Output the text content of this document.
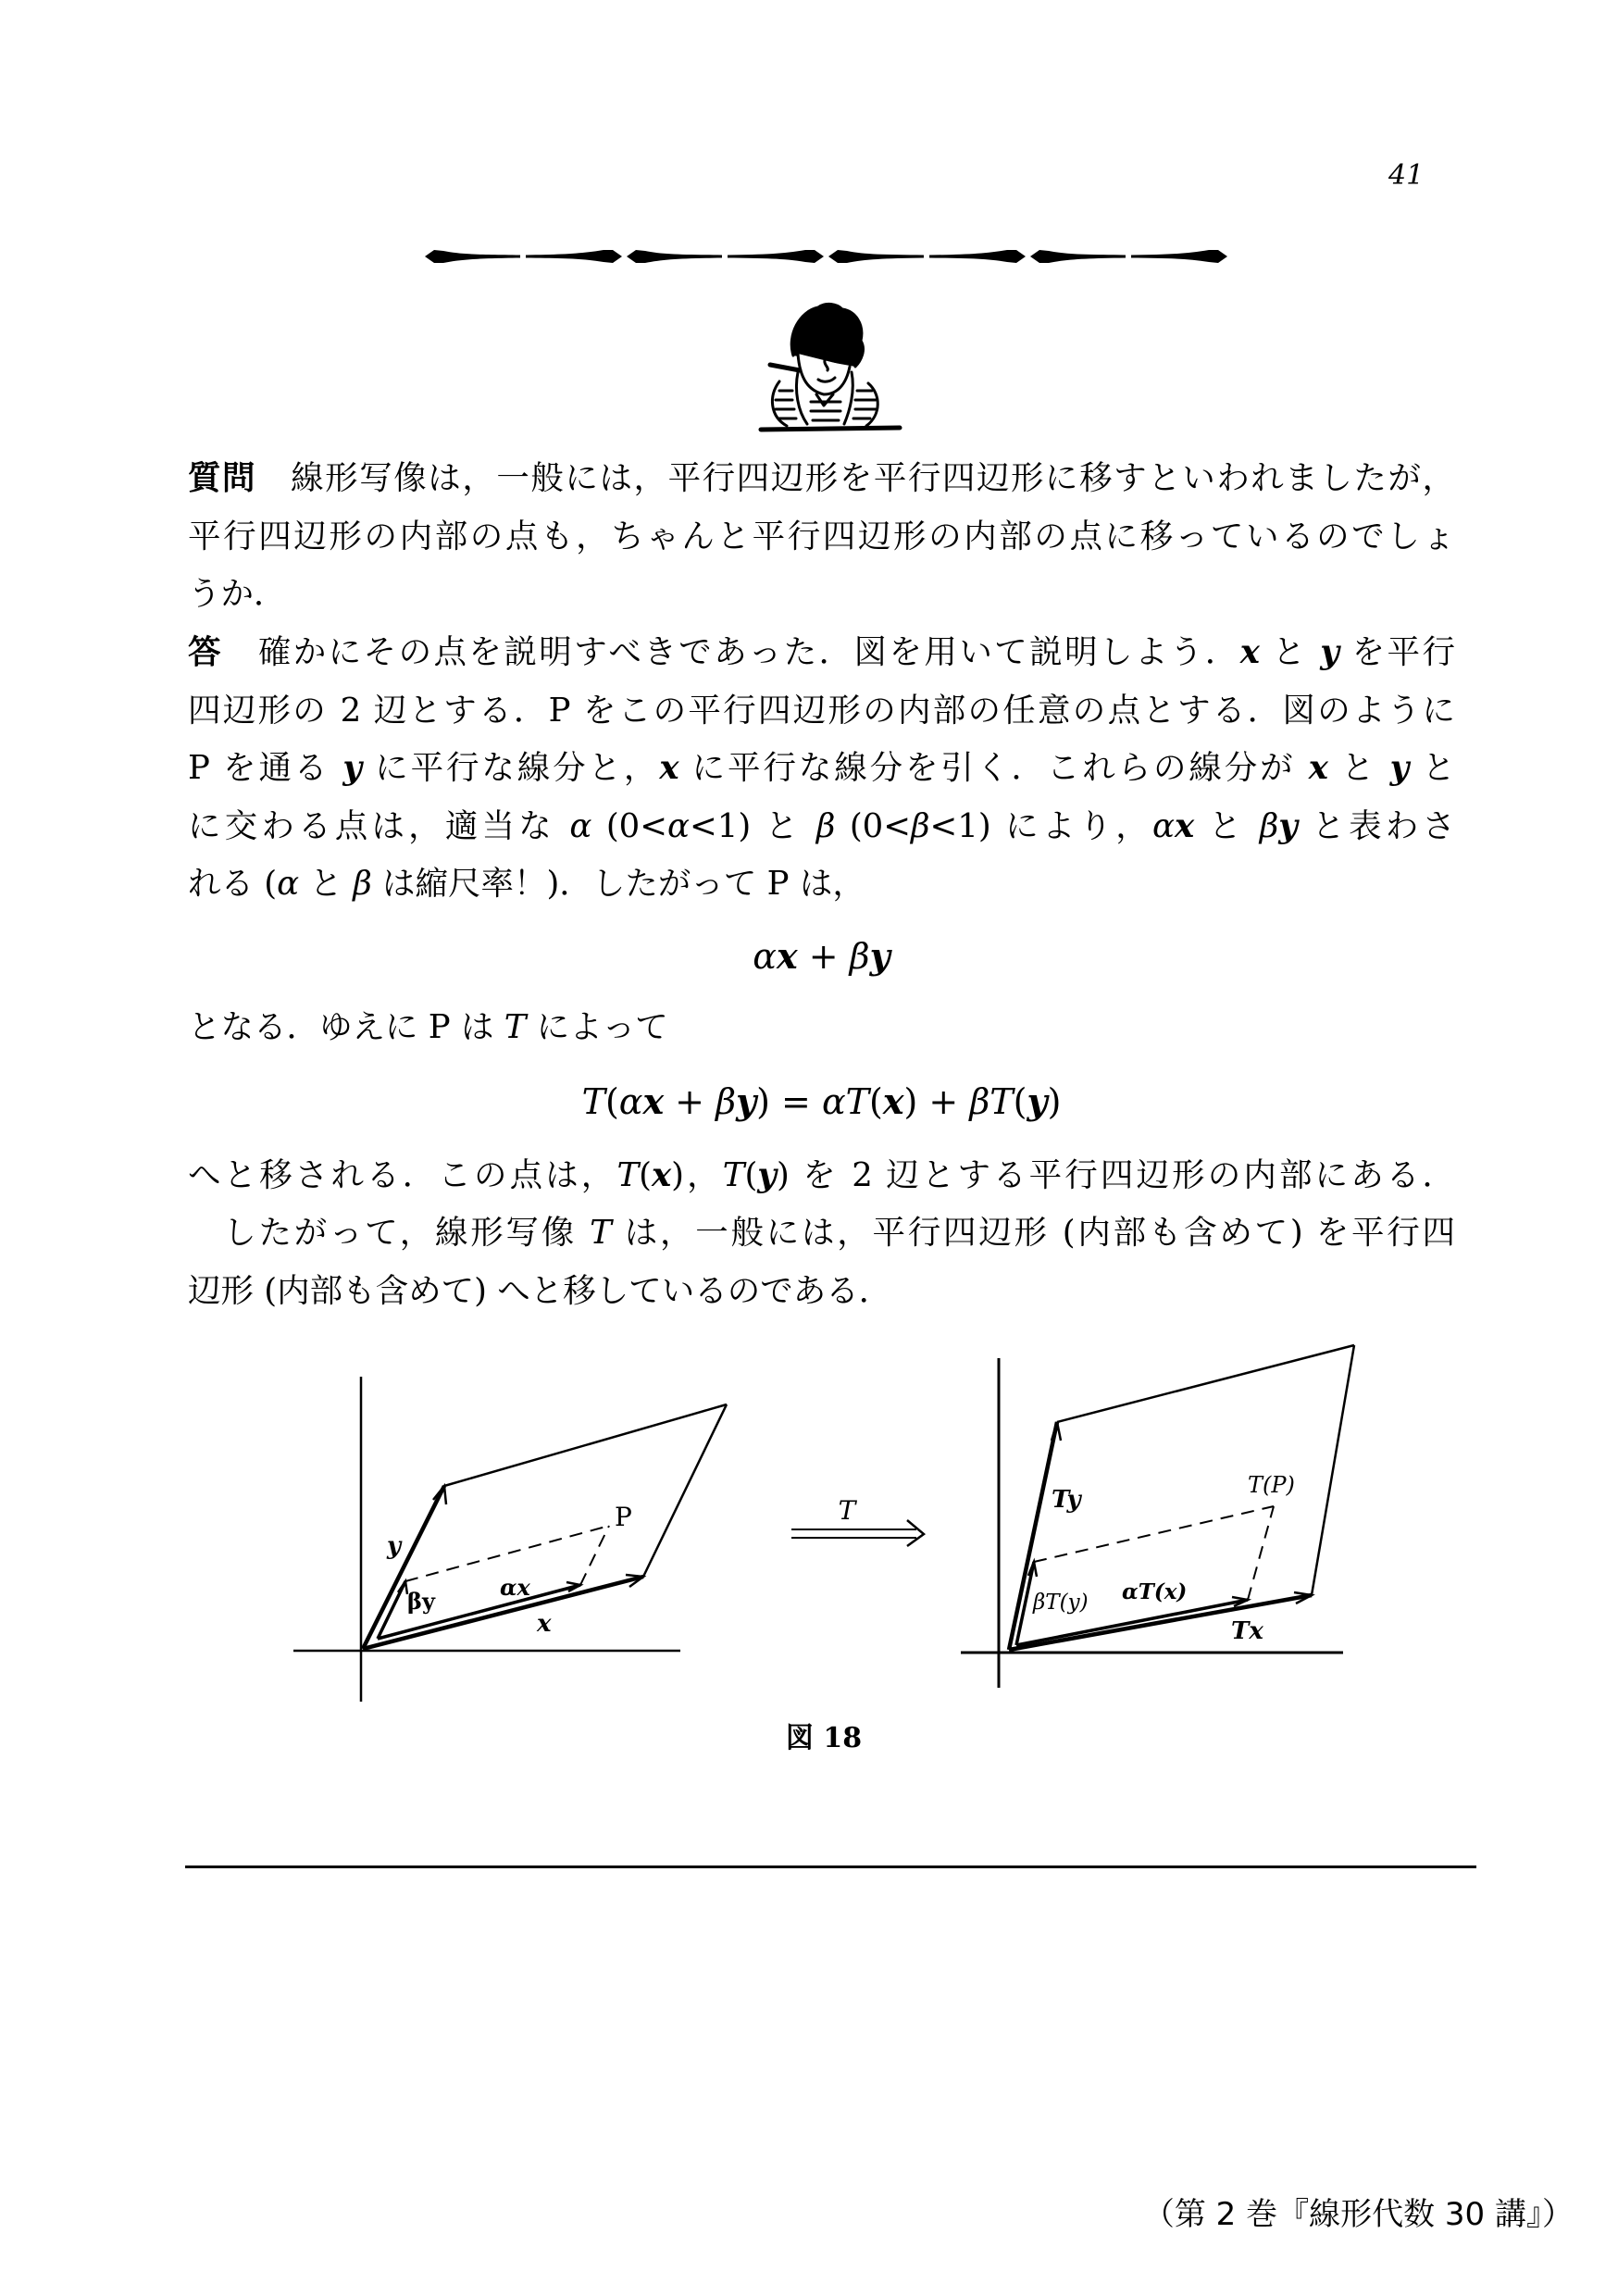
41
質問　線形写像は，一般には，平行四辺形を平行四辺形に移すといわれましたが，
平行四辺形の内部の点も，ちゃんと平行四辺形の内部の点に移っているのでしょ
うか．
答　確かにその点を説明すべきであった．図を用いて説明しよう．x と y を平行
四辺形の 2 辺とする．P をこの平行四辺形の内部の任意の点とする．図のように
P を通る y に平行な線分と，x に平行な線分を引く．これらの線分が x と y と
に交わる点は，適当な α (0<α<1) と β (0<β<1) により，αx と βy と表わさ
れる (α と β は縮尺率！)．したがって P は，
αx + βy
となる．ゆえに P は T によって
T(αx + βy) = αT(x) + βT(y)
へと移される．この点は，T(x)，T(y) を 2 辺とする平行四辺形の内部にある．
　したがって，線形写像 T は，一般には，平行四辺形 (内部も含めて) を平行四
辺形 (内部も含めて) へと移しているのである．
y
βy
αx
x
P	T	Ty
T(P)
βT(y) αT(x)
Tx
図 18
（第 2 巻『線形代数 30 講』）
